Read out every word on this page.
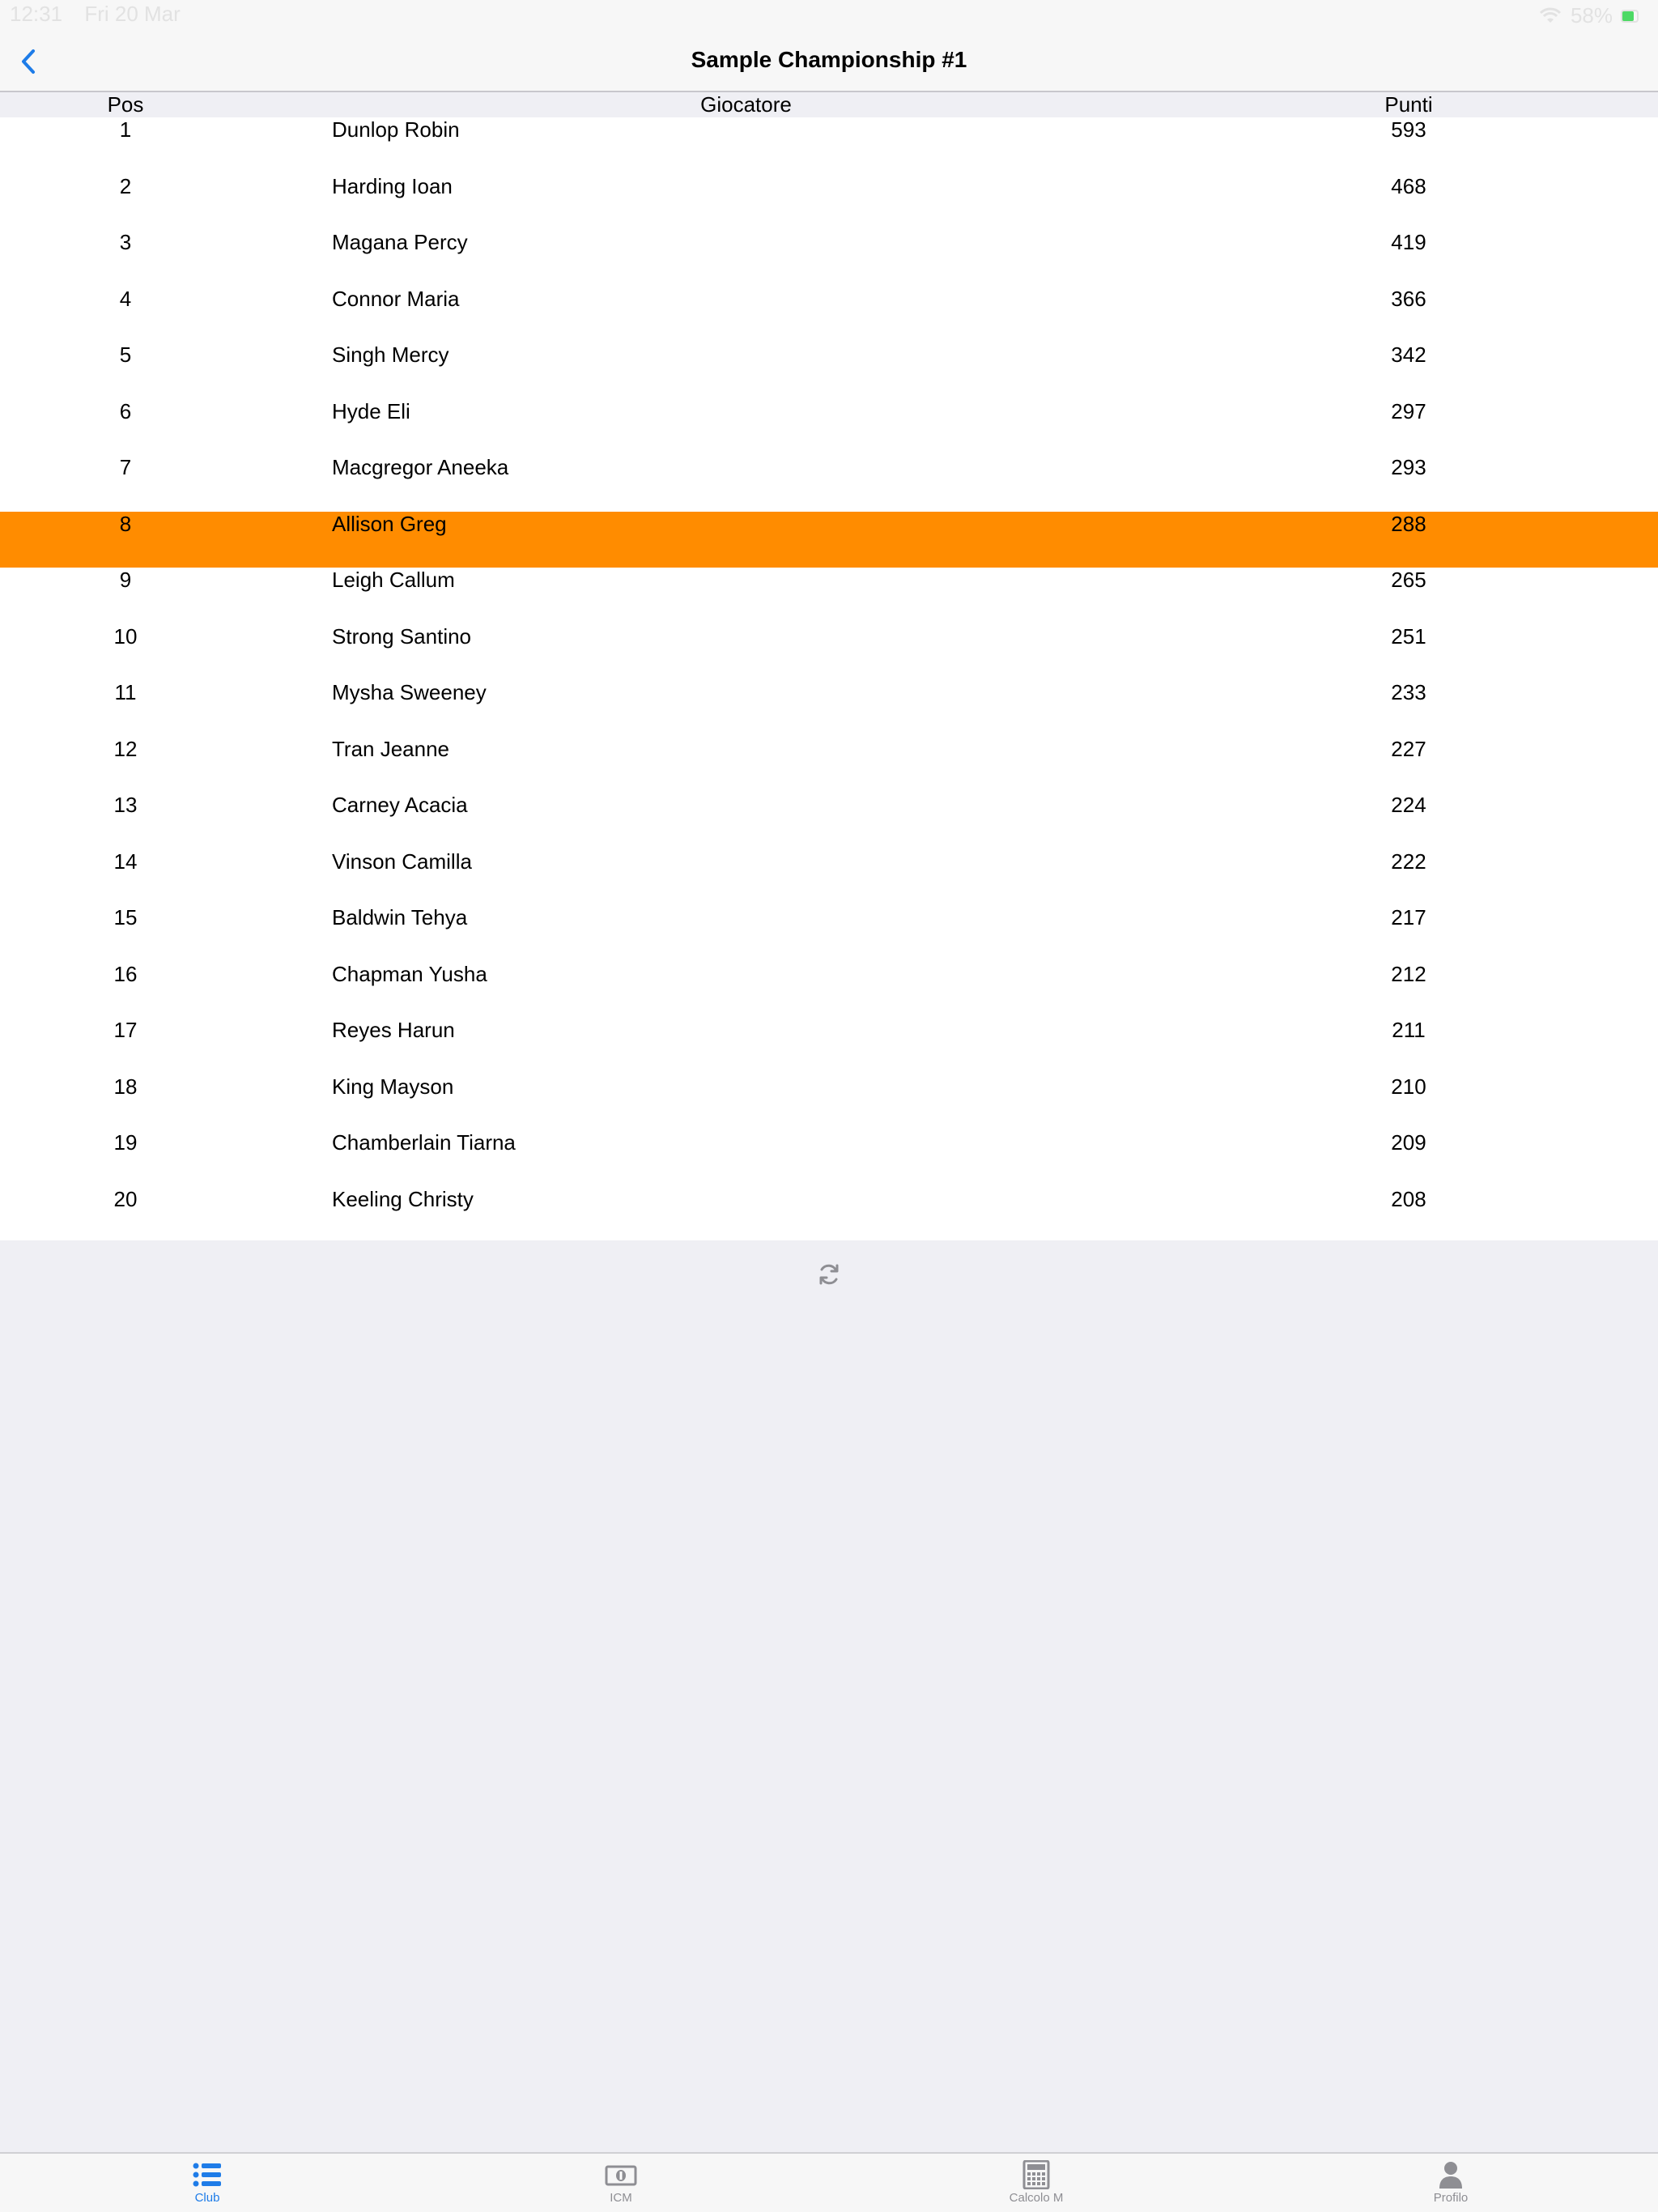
12:31 Fri 20 Mar	58%
Sample Championship #1
Pos	Giocatore	Punti
1	Dunlop Robin	593
2	Harding Ioan	468
3	Magana Percy	419
4	Connor Maria	366
5	Singh Mercy	342
6	Hyde Eli	297
7	Macgregor Aneeka	293
8	Allison Greg	288
9	Leigh Callum	265
10	Strong Santino	251
11	Mysha Sweeney	233
12	Tran Jeanne	227
13	Carney Acacia	224
14	Vinson Camilla	222
15	Baldwin Tehya	217
16	Chapman Yusha	212
17	Reyes Harun	211
18	King Mayson	210
19	Chamberlain Tiarna	209
20	Keeling Christy	208
Club	ICM	Calcolo M	Profilo
